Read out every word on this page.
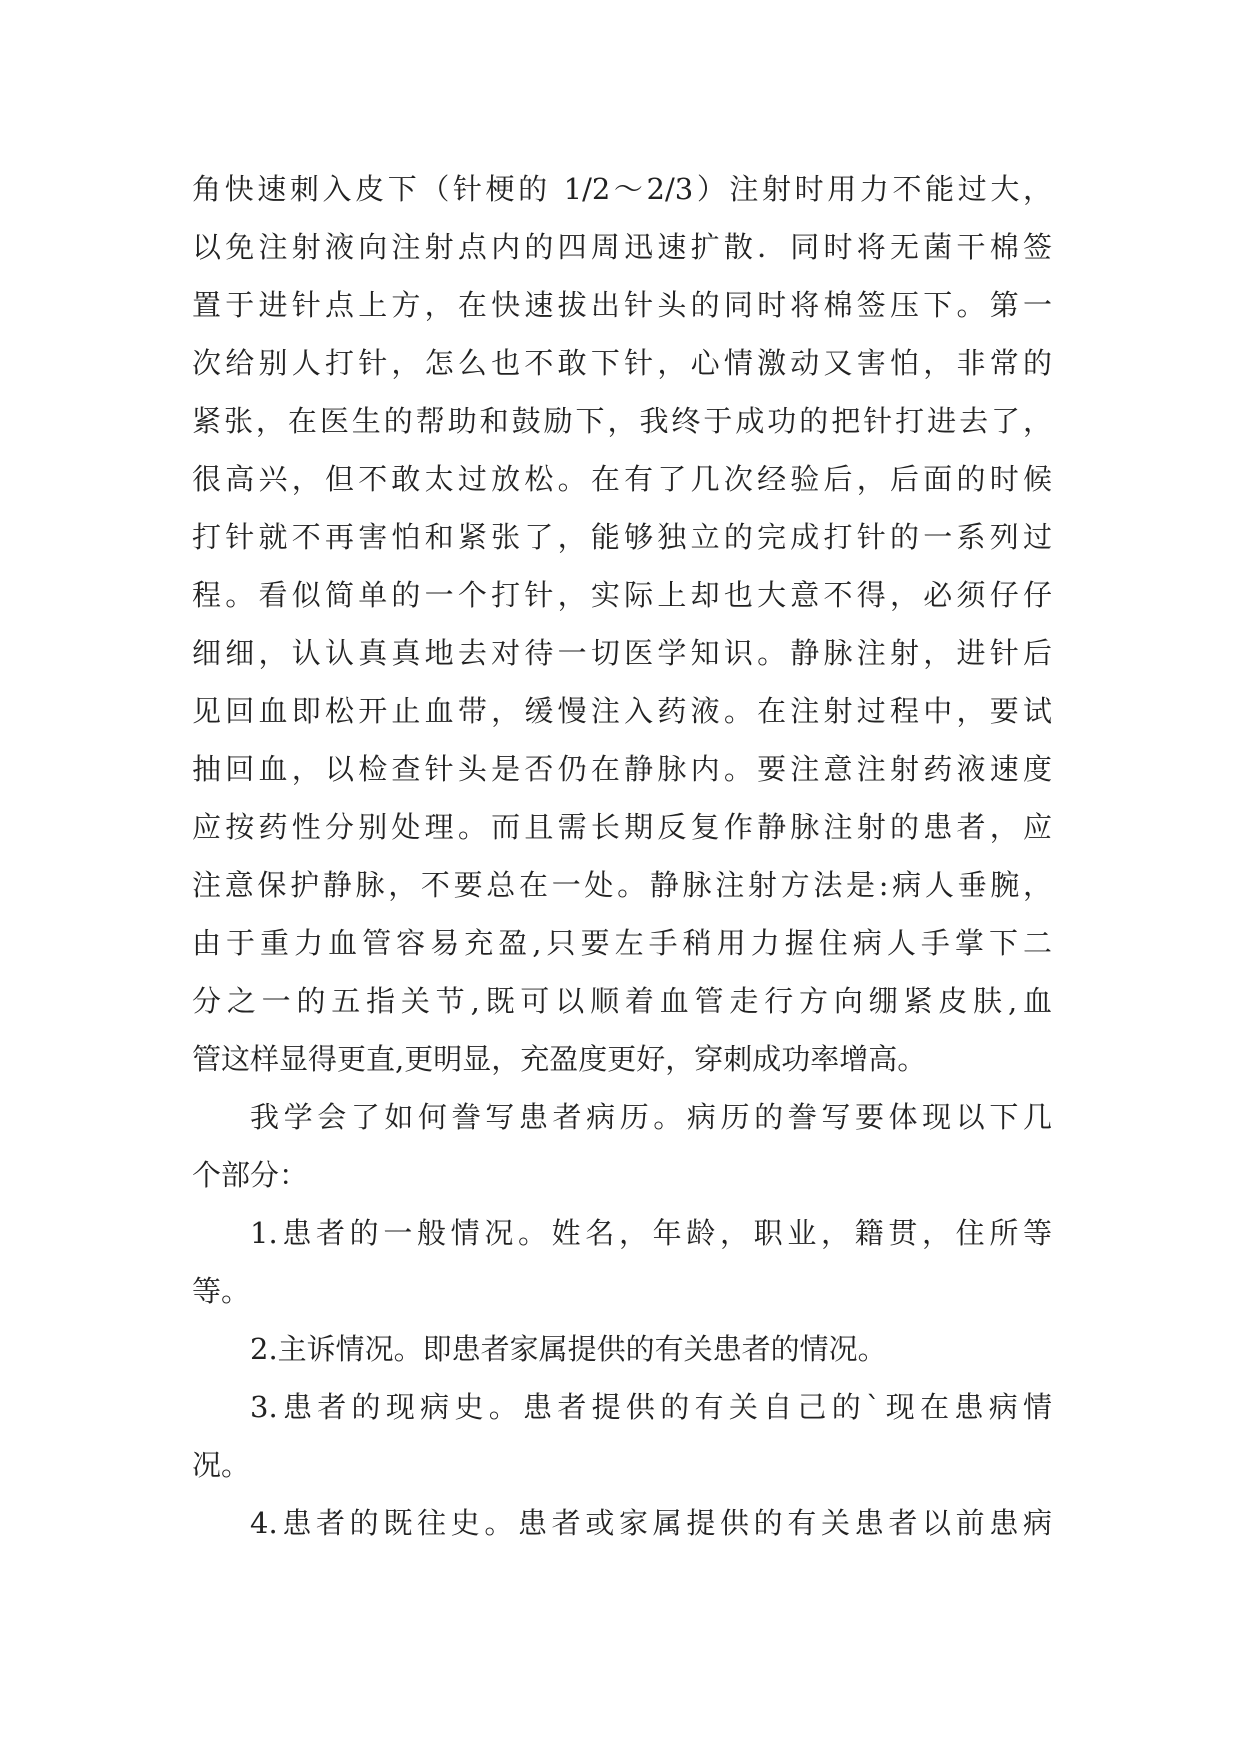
角快速刺入皮下（针梗的 1/2～2/3）注射时用力不能过大，
以免注射液向注射点内的四周迅速扩散．同时将无菌干棉签
置于进针点上方，在快速拔出针头的同时将棉签压下。第一
次给别人打针，怎么也不敢下针，心情激动又害怕，非常的
紧张，在医生的帮助和鼓励下，我终于成功的把针打进去了，
很高兴，但不敢太过放松。在有了几次经验后，后面的时候
打针就不再害怕和紧张了，能够独立的完成打针的一系列过
程。看似简单的一个打针，实际上却也大意不得，必须仔仔
细细，认认真真地去对待一切医学知识。静脉注射，进针后
见回血即松开止血带，缓慢注入药液。在注射过程中，要试
抽回血，以检查针头是否仍在静脉内。要注意注射药液速度
应按药性分别处理。而且需长期反复作静脉注射的患者，应
注意保护静脉，不要总在一处。静脉注射方法是:病人垂腕，
由于重力血管容易充盈,只要左手稍用力握住病人手掌下二
分之一的五指关节,既可以顺着血管走行方向绷紧皮肤,血
管这样显得更直,更明显，充盈度更好，穿刺成功率增高。
我学会了如何誊写患者病历。病历的誊写要体现以下几
个部分：
1.患者的一般情况。姓名，年龄，职业，籍贯，住所等
等。
2.主诉情况。即患者家属提供的有关患者的情况。
3.患者的现病史。患者提供的有关自己的`现在患病情
况。
4.患者的既往史。患者或家属提供的有关患者以前患病
